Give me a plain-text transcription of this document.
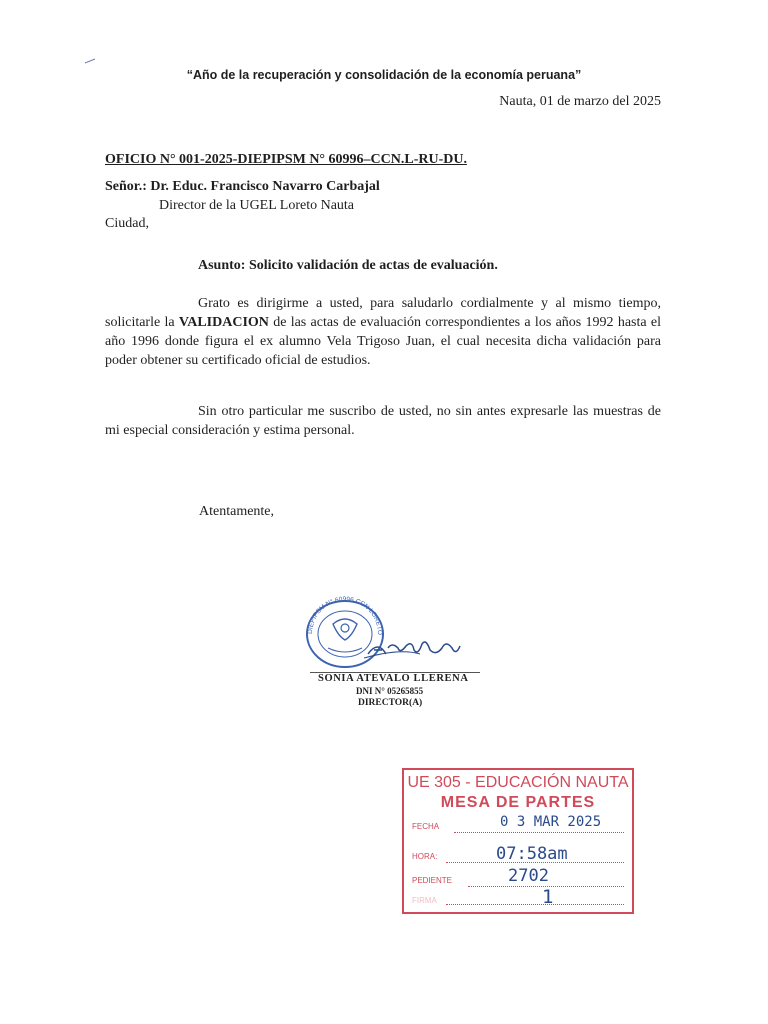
“Año de la recuperación y consolidación de la economía peruana”
Nauta, 01 de marzo del 2025
OFICIO N° 001-2025-DIEPIPSM N° 60996–CCN.L-RU-DU.
Señor.: Dr. Educ. Francisco Navarro Carbajal
Director de la UGEL Loreto Nauta
Ciudad,
Asunto: Solicito validación de actas de evaluación.

Grato es dirigirme a usted, para saludarlo cordialmente y al mismo tiempo, solicitarle la VALIDACION de las actas de evaluación correspondientes a los años 1992 hasta el año 1996 donde figura el ex alumno Vela Trigoso Juan, el cual necesita dicha validación para poder obtener su certificado oficial de estudios.

Sin otro particular me suscribo de usted, no sin antes expresarle las muestras de mi especial consideración y estima personal.

Atentamente,
DIEPIPSM N° 60996 CCN LORETO
SONIA ATEVALO LLERENA
DNI N° 05265855
DIRECTOR(A)
UE 305 - EDUCACIÓN NAUTA
MESA DE PARTES
FECHA	0 3 MAR 2025
HORA:	07:58am
PEDIENTE	2702
FIRMA	1
